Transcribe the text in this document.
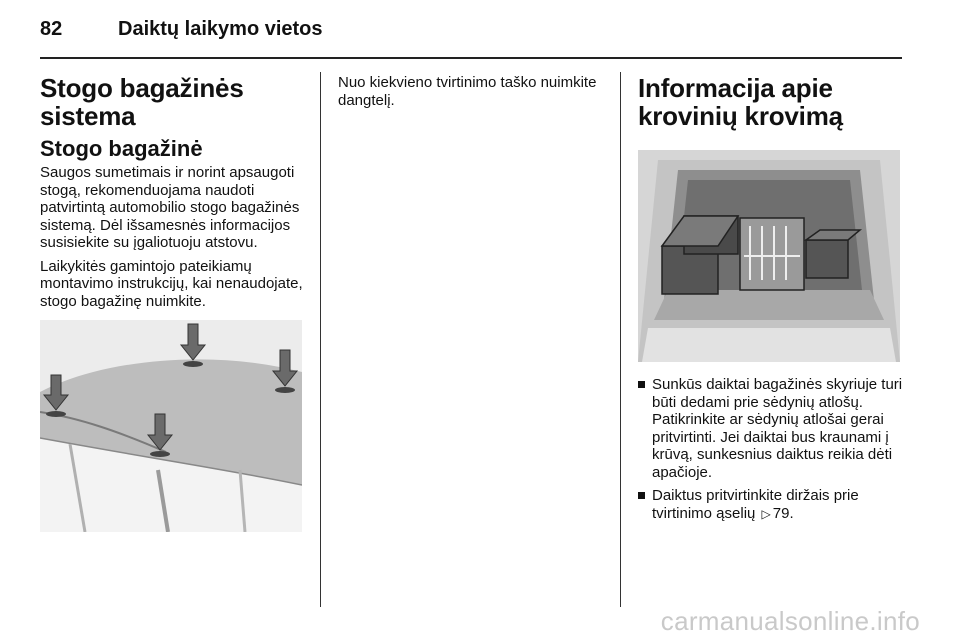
82	Daiktų laikymo vietos
Stogo bagažinės
sistema
Stogo bagažinė

Saugos sumetimais ir norint apsaugoti stogą, rekomenduojama naudoti patvirtintą automobilio stogo bagažinės sistemą. Dėl išsamesnės informacijos susisiekite su įgaliotuoju atstovu.

Laikykitės gamintojo pateikiamų montavimo instrukcijų, kai nenaudojate, stogo bagažinę nuimkite.

Nuo kiekvieno tvirtinimo taško nuimkite dangtelį.	Informacija apie
krovinių krovimą
Sunkūs daiktai bagažinės skyriuje turi būti dedami prie sėdynių atlošų. Patikrinkite ar sėdynių atlošai gerai pritvirtinti. Jei daiktai bus kraunami į krūvą, sunkesnius daiktus reikia dėti apačioje.
Daiktus pritvirtinkite diržais prie tvirtinimo ąselių ▷ 79.
carmanualsonline.info
